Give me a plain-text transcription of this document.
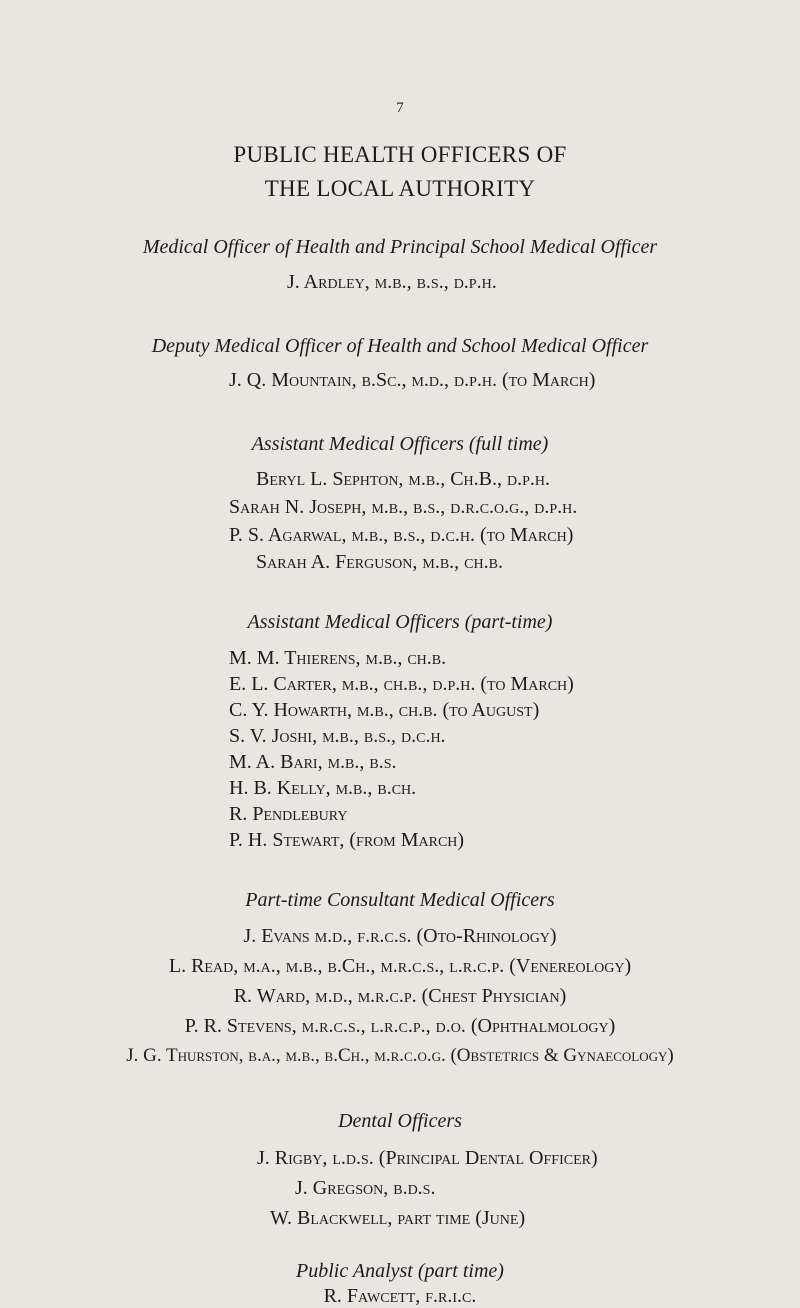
7
PUBLIC HEALTH OFFICERS OF
THE LOCAL AUTHORITY
Medical Officer of Health and Principal School Medical Officer
J. Ardley, m.b., b.s., d.p.h.
Deputy Medical Officer of Health and School Medical Officer
J. Q. Mountain, b.Sc., m.d., d.p.h. (to March)
Assistant Medical Officers (full time)
Beryl L. Sephton, m.b., Ch.B., d.p.h.
Sarah N. Joseph, m.b., b.s., d.r.c.o.g., d.p.h.
P. S. Agarwal, m.b., b.s., d.c.h. (to March)
Sarah A. Ferguson, m.b., ch.b.
Assistant Medical Officers (part-time)
M. M. Thierens, m.b., ch.b.
E. L. Carter, m.b., ch.b., d.p.h. (to March)
C. Y. Howarth, m.b., ch.b. (to August)
S. V. Joshi, m.b., b.s., d.c.h.
M. A. Bari, m.b., b.s.
H. B. Kelly, m.b., b.ch.
R. Pendlebury
P. H. Stewart, (from March)
Part-time Consultant Medical Officers
J. Evans m.d., f.r.c.s. (Oto-Rhinology)
L. Read, m.a., m.b., b.Ch., m.r.c.s., l.r.c.p. (Venereology)
R. Ward, m.d., m.r.c.p. (Chest Physician)
P. R. Stevens, m.r.c.s., l.r.c.p., d.o. (Ophthalmology)
J. G. Thurston, b.a., m.b., b.Ch., m.r.c.o.g. (Obstetrics & Gynaecology)
Dental Officers
J. Rigby, l.d.s. (Principal Dental Officer)
J. Gregson, b.d.s.
W. Blackwell, part time (June)
Public Analyst (part time)
R. Fawcett, f.r.i.c.
